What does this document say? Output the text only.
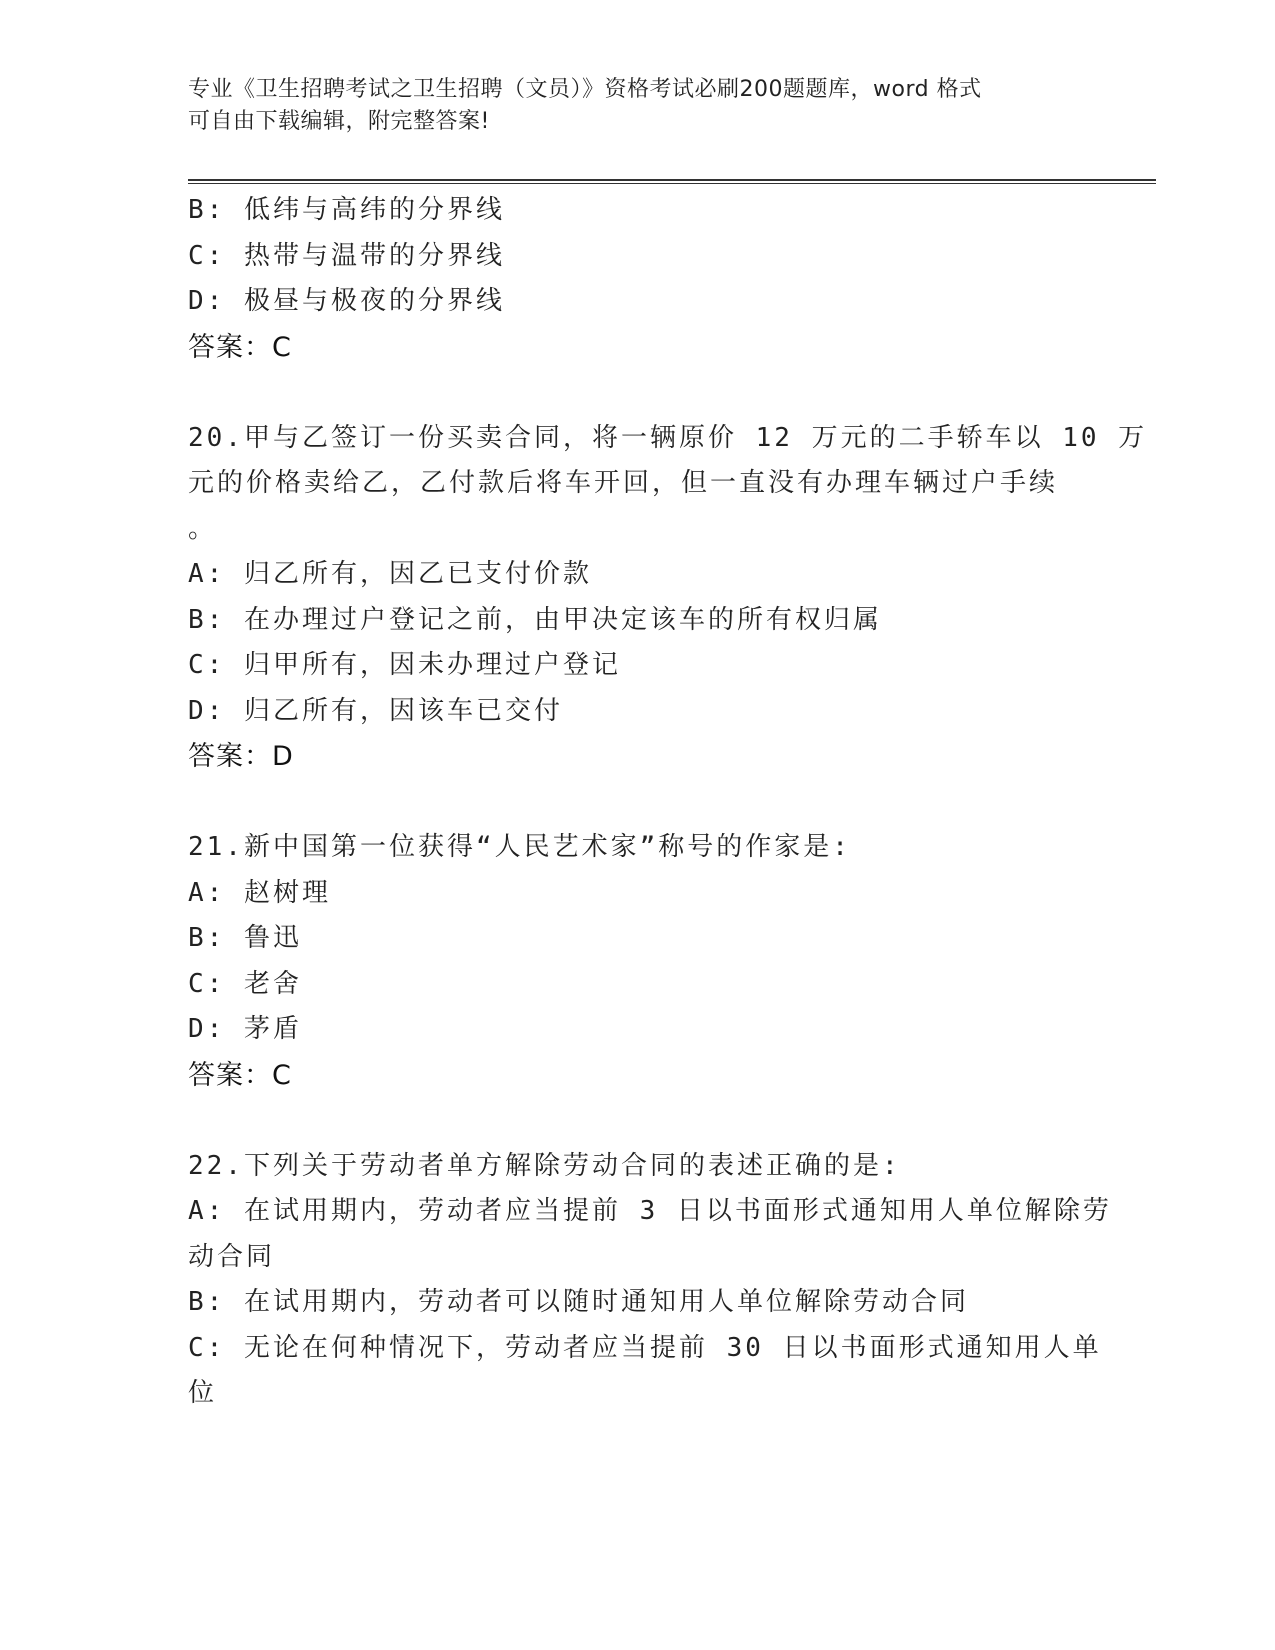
专业《卫生招聘考试之卫生招聘（文员）》资格考试必刷200题题库，word 格式
可自由下载编辑，附完整答案!
B: 低纬与高纬的分界线
C: 热带与温带的分界线
D: 极昼与极夜的分界线
答案：C
20.甲与乙签订一份买卖合同，将一辆原价 12 万元的二手轿车以 10 万
元的价格卖给乙，乙付款后将车开回，但一直没有办理车辆过户手续
。
A: 归乙所有，因乙已支付价款
B: 在办理过户登记之前，由甲决定该车的所有权归属
C: 归甲所有，因未办理过户登记
D: 归乙所有，因该车已交付
答案：D
21.新中国第一位获得“人民艺术家”称号的作家是:
A: 赵树理
B: 鲁迅
C: 老舍
D: 茅盾
答案：C
22.下列关于劳动者单方解除劳动合同的表述正确的是:
A: 在试用期内，劳动者应当提前 3 日以书面形式通知用人单位解除劳
动合同
B: 在试用期内，劳动者可以随时通知用人单位解除劳动合同
C: 无论在何种情况下，劳动者应当提前 30 日以书面形式通知用人单
位
